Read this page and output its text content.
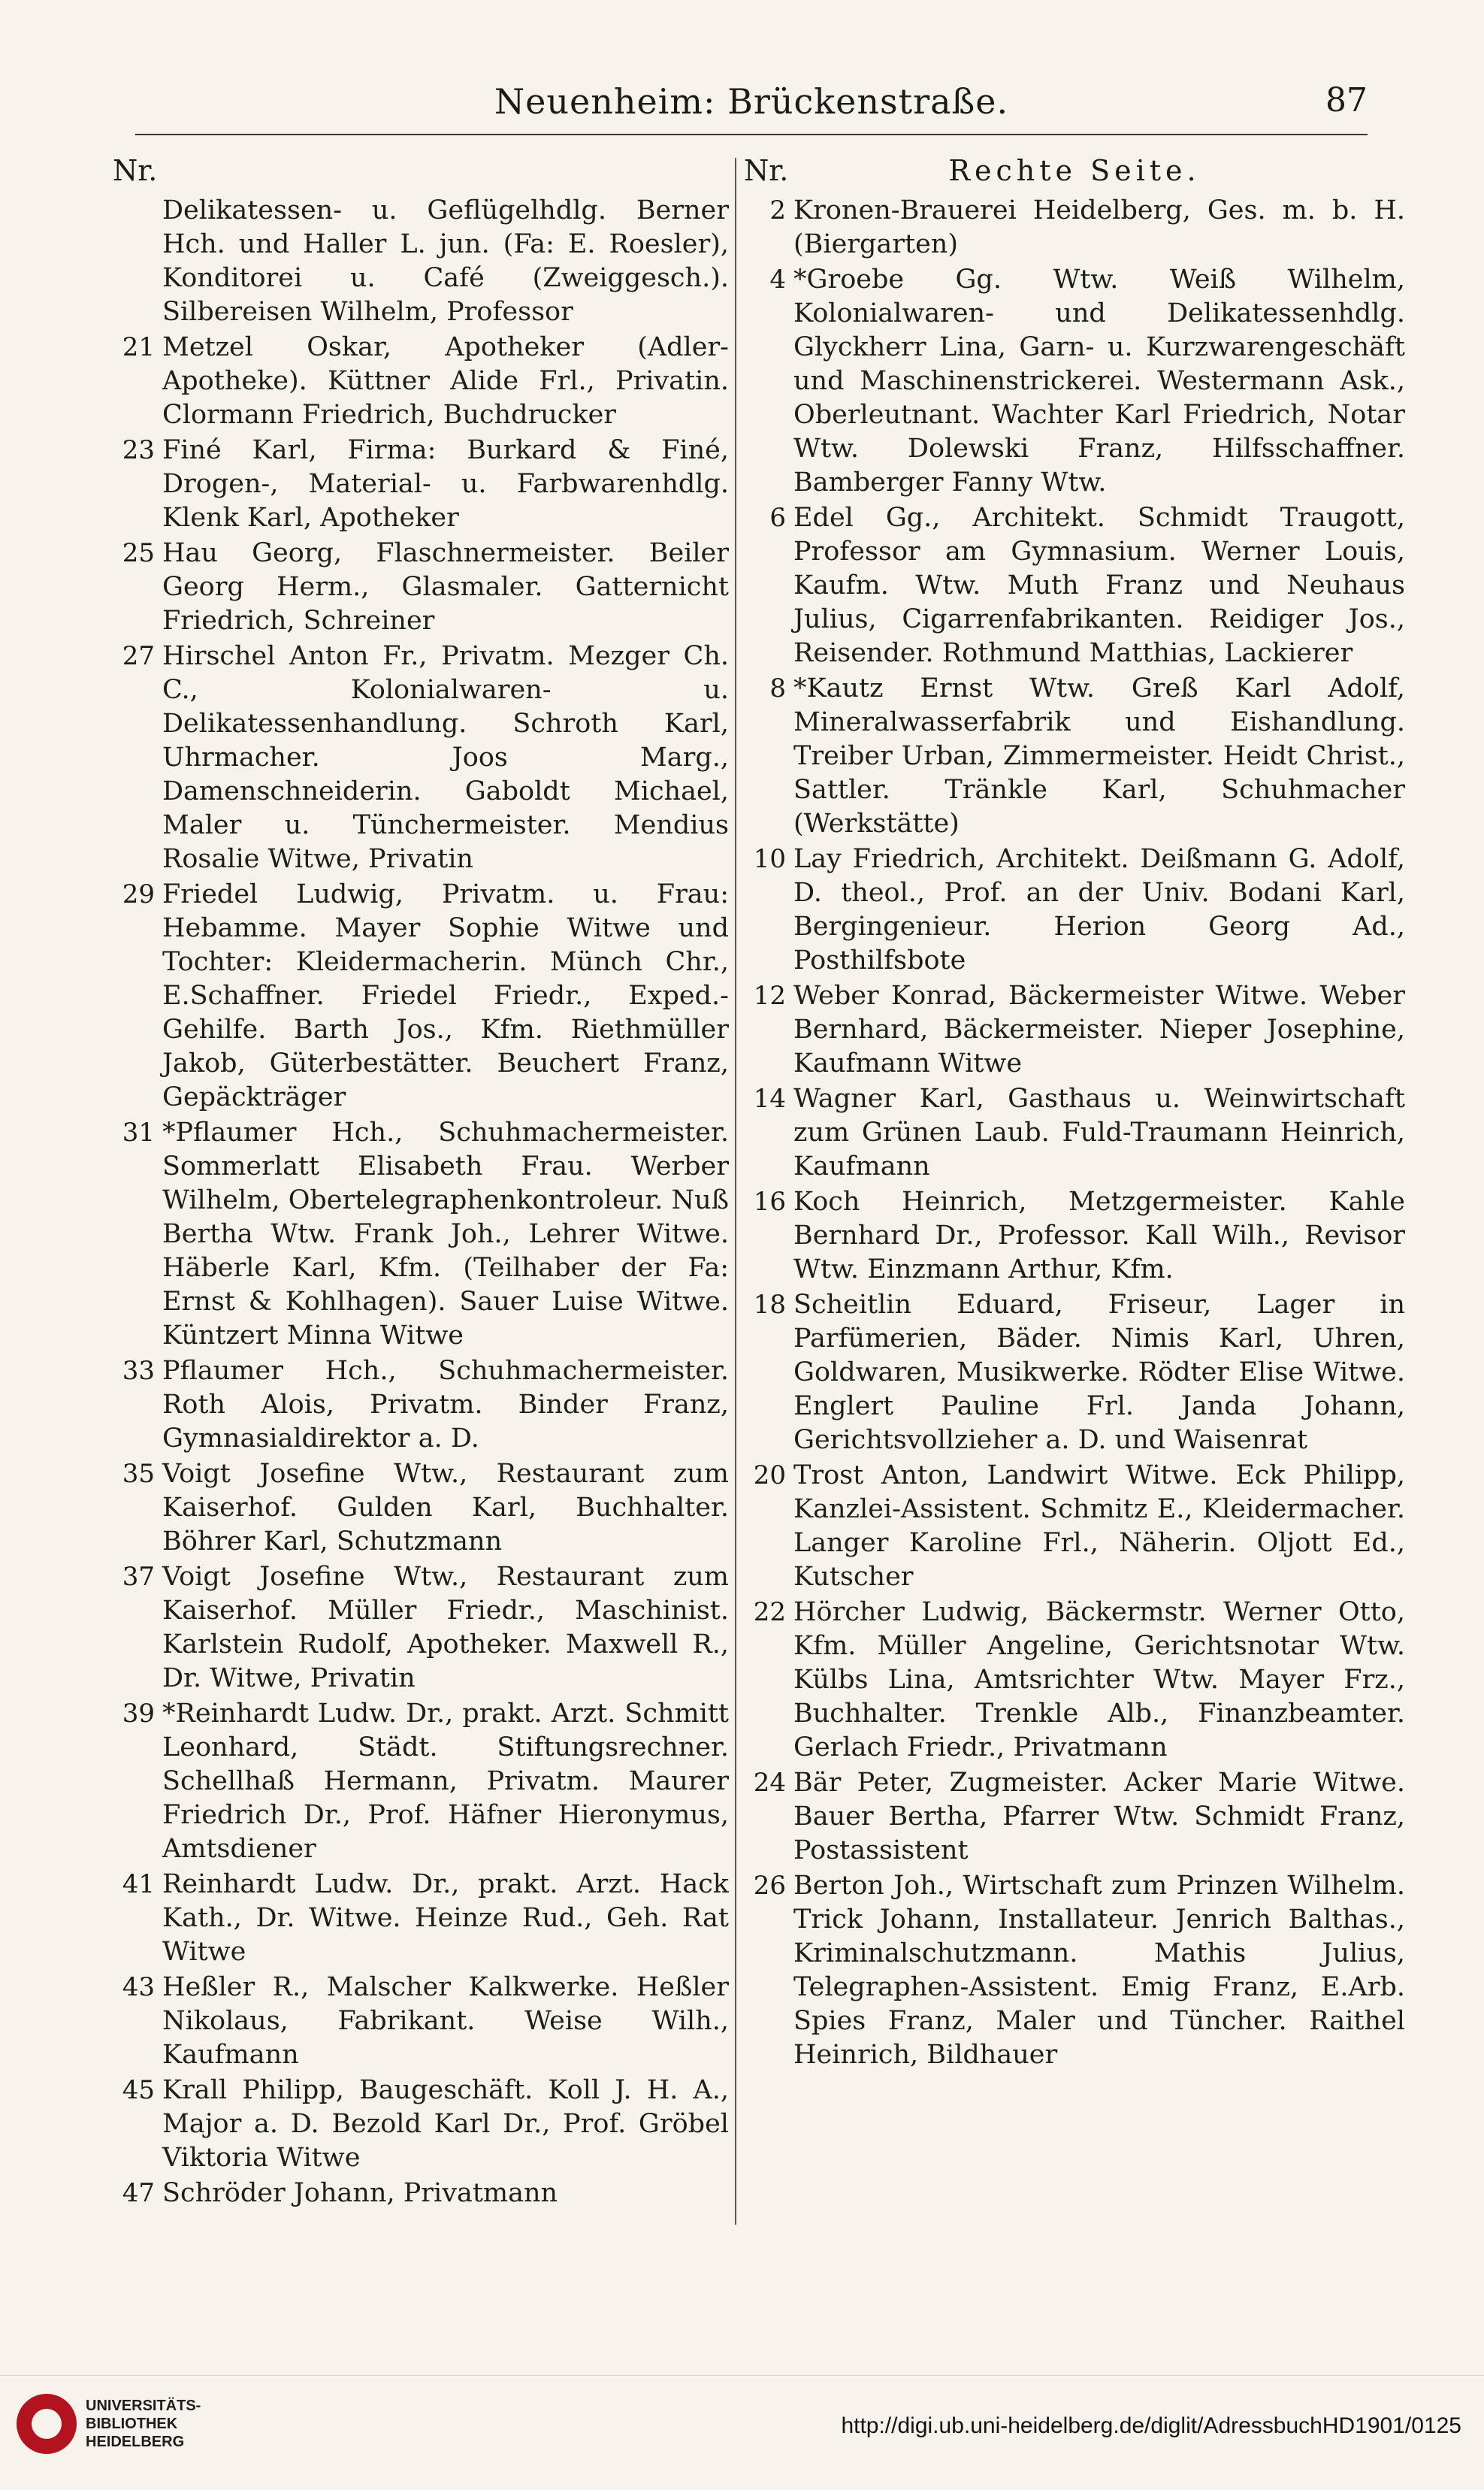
Neuenheim: Brückenstraße.	87
Nr.
Delikatessen- u. Geflügelhdlg. Berner Hch. und Haller L. jun. (Fa: E. Roesler), Konditorei u. Café (Zweiggesch.). Silbereisen Wilhelm, Professor
21 Metzel Oskar, Apotheker (Adler-Apotheke). Küttner Alide Frl., Privatin. Clormann Friedrich, Buchdrucker
23 Finé Karl, Firma: Burkard & Finé, Drogen-, Material- u. Farbwarenhdlg. Klenk Karl, Apotheker
25 Hau Georg, Flaschnermeister. Beiler Georg Herm., Glasmaler. Gatternicht Friedrich, Schreiner
27 Hirschel Anton Fr., Privatm. Mezger Ch. C., Kolonialwaren- u. Delikatessenhandlung. Schroth Karl, Uhrmacher. Joos Marg., Damenschneiderin. Gaboldt Michael, Maler u. Tünchermeister. Mendius Rosalie Witwe, Privatin
29 Friedel Ludwig, Privatm. u. Frau: Hebamme. Mayer Sophie Witwe und Tochter: Kleidermacherin. Münch Chr., E.Schaffner. Friedel Friedr., Exped.-Gehilfe. Barth Jos., Kfm. Riethmüller Jakob, Güterbestätter. Beuchert Franz, Gepäckträger
31 *Pflaumer Hch., Schuhmachermeister. Sommerlatt Elisabeth Frau. Werber Wilhelm, Obertelegraphenkontroleur. Nuß Bertha Wtw. Frank Joh., Lehrer Witwe. Häberle Karl, Kfm. (Teilhaber der Fa: Ernst & Kohlhagen). Sauer Luise Witwe. Küntzert Minna Witwe
33 Pflaumer Hch., Schuhmachermeister. Roth Alois, Privatm. Binder Franz, Gymnasialdirektor a. D.
35 Voigt Josefine Wtw., Restaurant zum Kaiserhof. Gulden Karl, Buchhalter. Böhrer Karl, Schutzmann
37 Voigt Josefine Wtw., Restaurant zum Kaiserhof. Müller Friedr., Maschinist. Karlstein Rudolf, Apotheker. Maxwell R., Dr. Witwe, Privatin
39 *Reinhardt Ludw. Dr., prakt. Arzt. Schmitt Leonhard, Städt. Stiftungsrechner. Schellhaß Hermann, Privatm. Maurer Friedrich Dr., Prof. Häfner Hieronymus, Amtsdiener
41 Reinhardt Ludw. Dr., prakt. Arzt. Hack Kath., Dr. Witwe. Heinze Rud., Geh. Rat Witwe
43 Heßler R., Malscher Kalkwerke. Heßler Nikolaus, Fabrikant. Weise Wilh., Kaufmann
45 Krall Philipp, Baugeschäft. Koll J. H. A., Major a. D. Bezold Karl Dr., Prof. Gröbel Viktoria Witwe
47 Schröder Johann, Privatmann
Nr.	Rechte Seite.
2 Kronen-Brauerei Heidelberg, Ges. m. b. H. (Biergarten)
4 *Groebe Gg. Wtw. Weiß Wilhelm, Kolonialwaren- und Delikatessenhdlg. Glyckherr Lina, Garn- u. Kurzwarengeschäft und Maschinenstrickerei. Westermann Ask., Oberleutnant. Wachter Karl Friedrich, Notar Wtw. Dolewski Franz, Hilfsschaffner. Bamberger Fanny Wtw.
6 Edel Gg., Architekt. Schmidt Traugott, Professor am Gymnasium. Werner Louis, Kaufm. Wtw. Muth Franz und Neuhaus Julius, Cigarrenfabrikanten. Reidiger Jos., Reisender. Rothmund Matthias, Lackierer
8 *Kautz Ernst Wtw. Greß Karl Adolf, Mineralwasserfabrik und Eishandlung. Treiber Urban, Zimmermeister. Heidt Christ., Sattler. Tränkle Karl, Schuhmacher (Werkstätte)
10 Lay Friedrich, Architekt. Deißmann G. Adolf, D. theol., Prof. an der Univ. Bodani Karl, Bergingenieur. Herion Georg Ad., Posthilfsbote
12 Weber Konrad, Bäckermeister Witwe. Weber Bernhard, Bäckermeister. Nieper Josephine, Kaufmann Witwe
14 Wagner Karl, Gasthaus u. Weinwirtschaft zum Grünen Laub. Fuld-Traumann Heinrich, Kaufmann
16 Koch Heinrich, Metzgermeister. Kahle Bernhard Dr., Professor. Kall Wilh., Revisor Wtw. Einzmann Arthur, Kfm.
18 Scheitlin Eduard, Friseur, Lager in Parfümerien, Bäder. Nimis Karl, Uhren, Goldwaren, Musikwerke. Rödter Elise Witwe. Englert Pauline Frl. Janda Johann, Gerichtsvollzieher a. D. und Waisenrat
20 Trost Anton, Landwirt Witwe. Eck Philipp, Kanzlei-Assistent. Schmitz E., Kleidermacher. Langer Karoline Frl., Näherin. Oljott Ed., Kutscher
22 Hörcher Ludwig, Bäckermstr. Werner Otto, Kfm. Müller Angeline, Gerichtsnotar Wtw. Külbs Lina, Amtsrichter Wtw. Mayer Frz., Buchhalter. Trenkle Alb., Finanzbeamter. Gerlach Friedr., Privatmann
24 Bär Peter, Zugmeister. Acker Marie Witwe. Bauer Bertha, Pfarrer Wtw. Schmidt Franz, Postassistent
26 Berton Joh., Wirtschaft zum Prinzen Wilhelm. Trick Johann, Installateur. Jenrich Balthas., Kriminalschutzmann. Mathis Julius, Telegraphen-Assistent. Emig Franz, E.Arb. Spies Franz, Maler und Tüncher. Raithel Heinrich, Bildhauer
UNIVERSITÄTS-
BIBLIOTHEK
HEIDELBERG
http://digi.ub.uni-heidelberg.de/diglit/AdressbuchHD1901/0125
